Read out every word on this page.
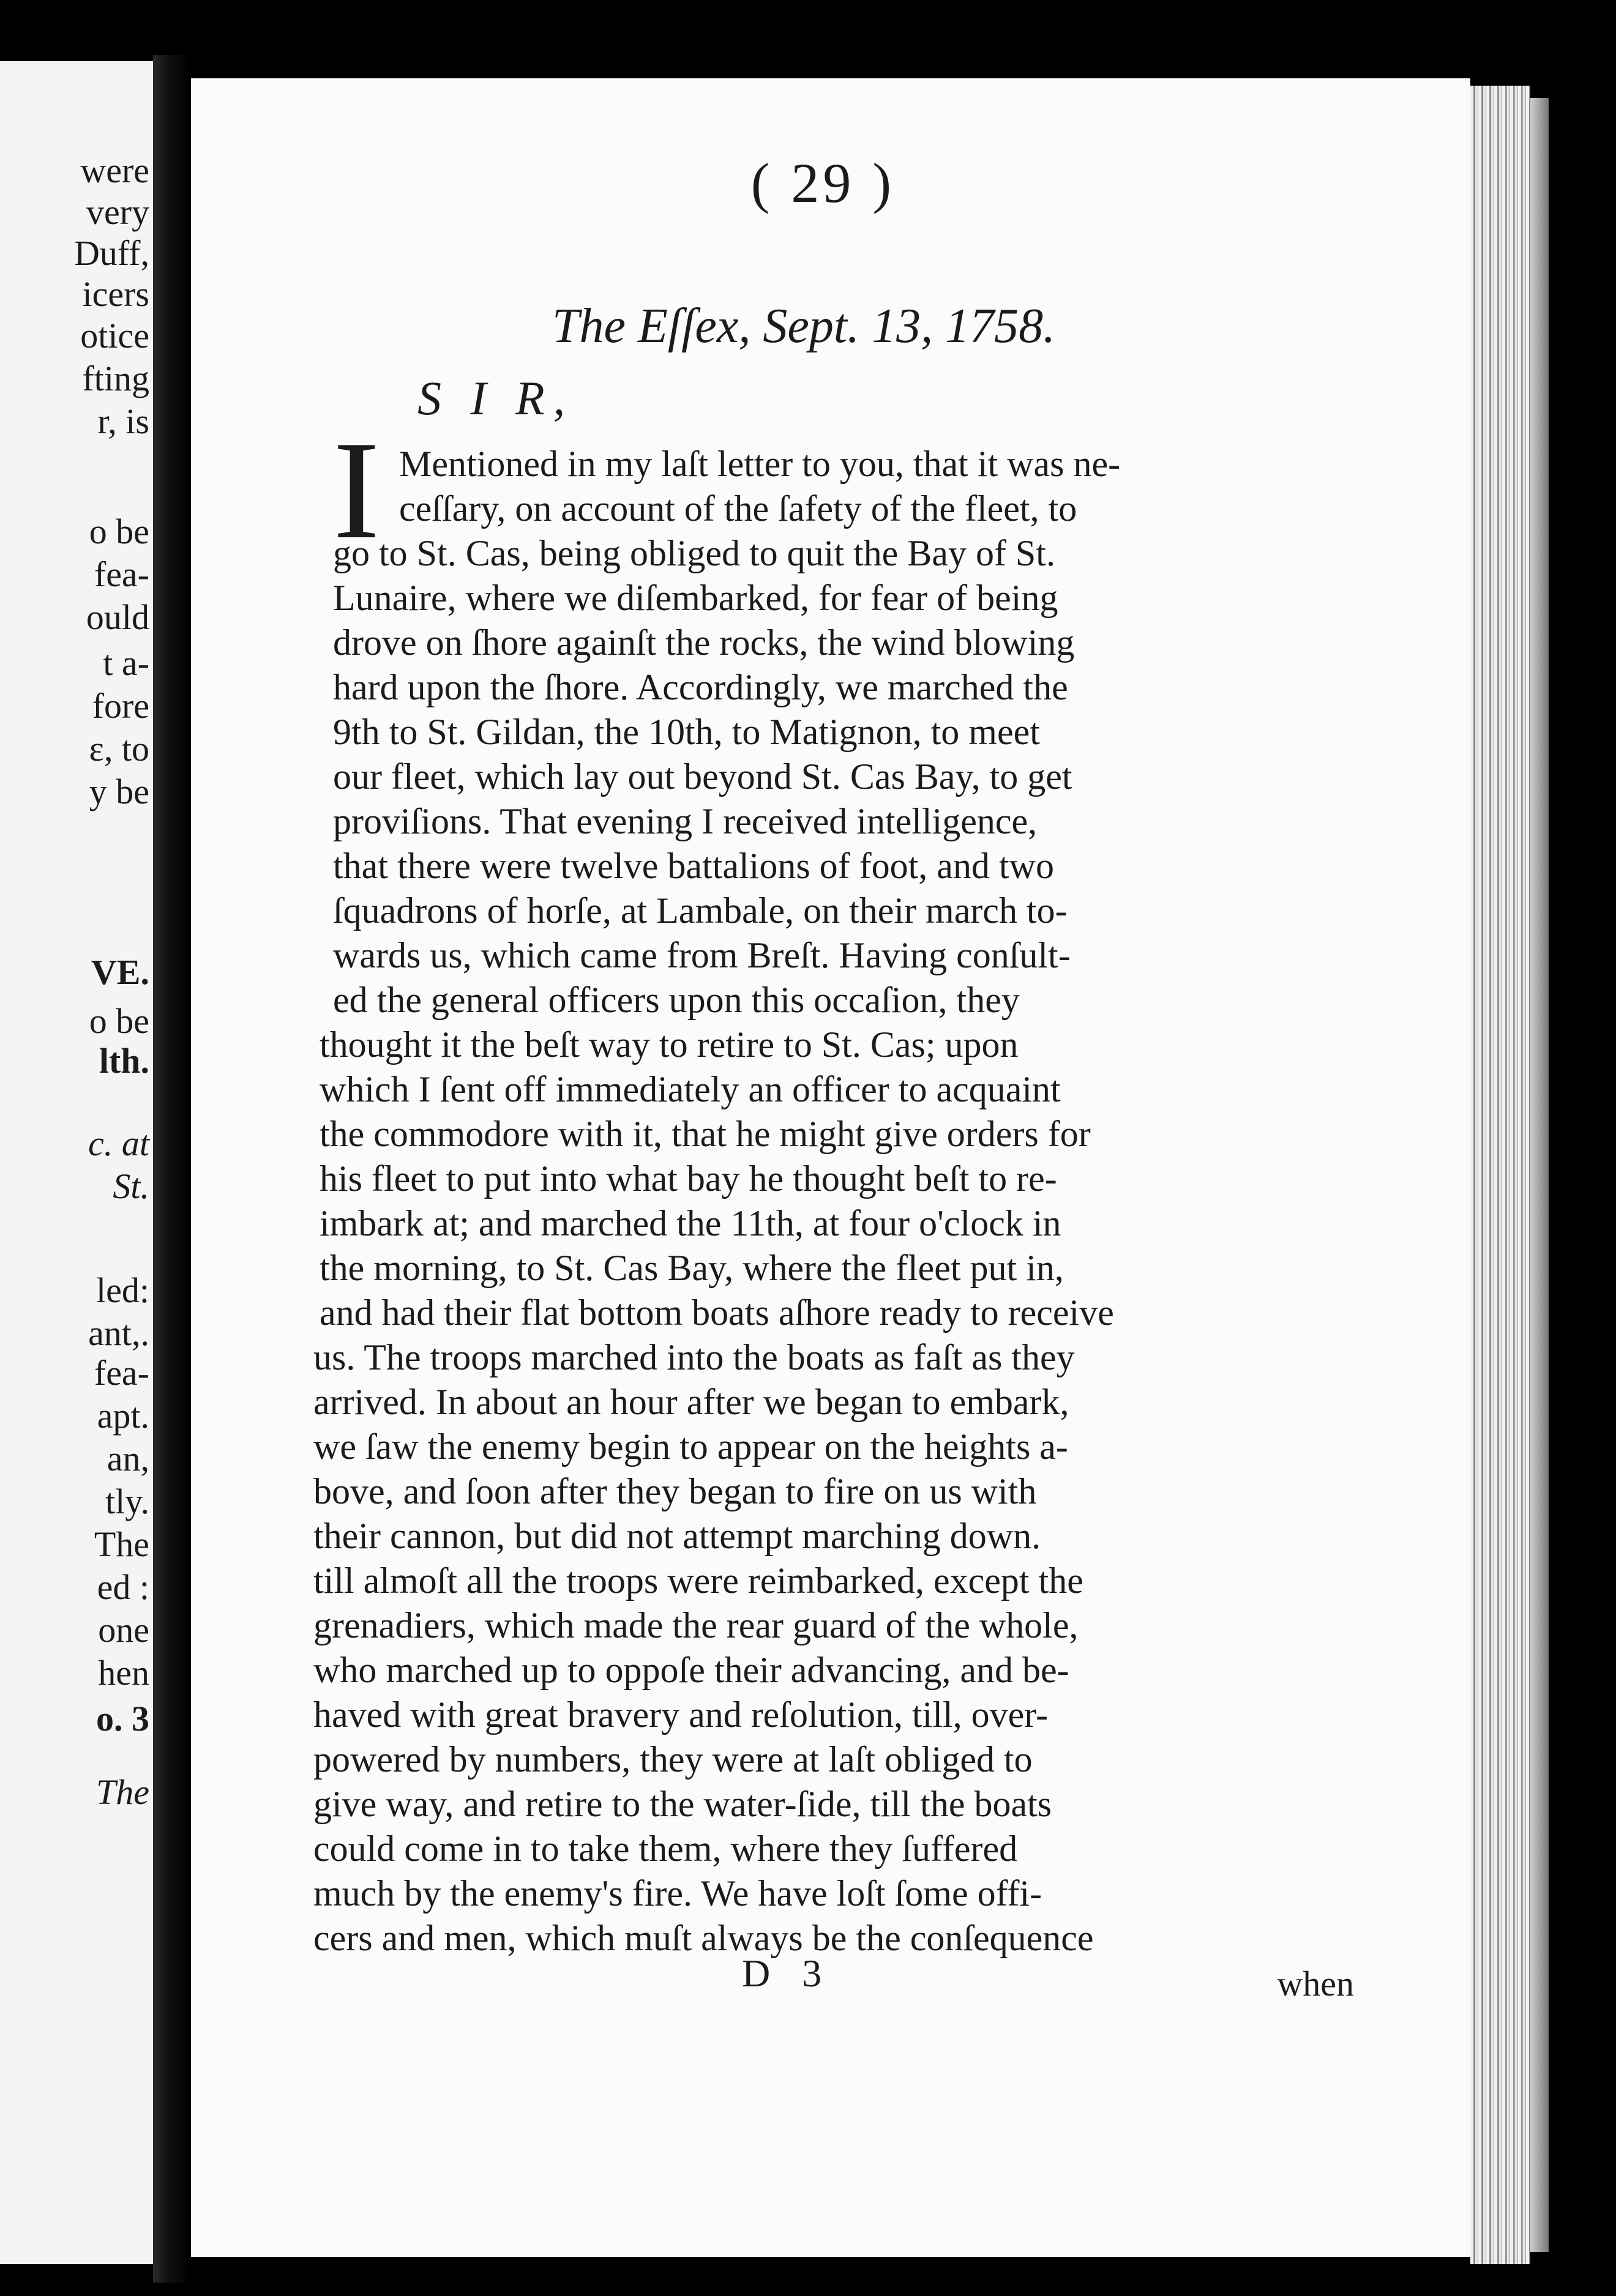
were
very
Duff,
icers
otice
fting
r, is
o be
fea-
ould
t a-
fore
ɛ, to
y be
VE.
o be
lth.
c. at
St.
led:
ant,.
fea-
apt.
an,
tly.
The
ed :
one
hen
o. 3
The
( 29 )
The Eſſex, Sept. 13, 1758.
S I R,
I Mentioned in my laſt letter to you, that it was ne-
ceſſary, on account of the ſafety of the fleet, to
go to St. Cas, being obliged to quit the Bay of St.
Lunaire, where we diſembarked, for fear of being
drove on ſhore againſt the rocks, the wind blowing
hard upon the ſhore. Accordingly, we marched the
9th to St. Gildan, the 10th, to Matignon, to meet
our fleet, which lay out beyond St. Cas Bay, to get
proviſions. That evening I received intelligence,
that there were twelve battalions of foot, and two
ſquadrons of horſe, at Lambale, on their march to-
wards us, which came from Breſt. Having conſult-
ed the general officers upon this occaſion, they
thought it the beſt way to retire to St. Cas; upon
which I ſent off immediately an officer to acquaint
the commodore with it, that he might give orders for
his fleet to put into what bay he thought beſt to re-
imbark at; and marched the 11th, at four o'clock in
the morning, to St. Cas Bay, where the fleet put in,
and had their flat bottom boats aſhore ready to receive
us. The troops marched into the boats as faſt as they
arrived. In about an hour after we began to embark,
we ſaw the enemy begin to appear on the heights a-
bove, and ſoon after they began to fire on us with
their cannon, but did not attempt marching down.
till almoſt all the troops were reimbarked, except the
grenadiers, which made the rear guard of the whole,
who marched up to oppoſe their advancing, and be-
haved with great bravery and reſolution, till, over-
powered by numbers, they were at laſt obliged to
give way, and retire to the water-ſide, till the boats
could come in to take them, where they ſuffered
much by the enemy's fire. We have loſt ſome offi-
cers and men, which muſt always be the conſequence
D 3	when
